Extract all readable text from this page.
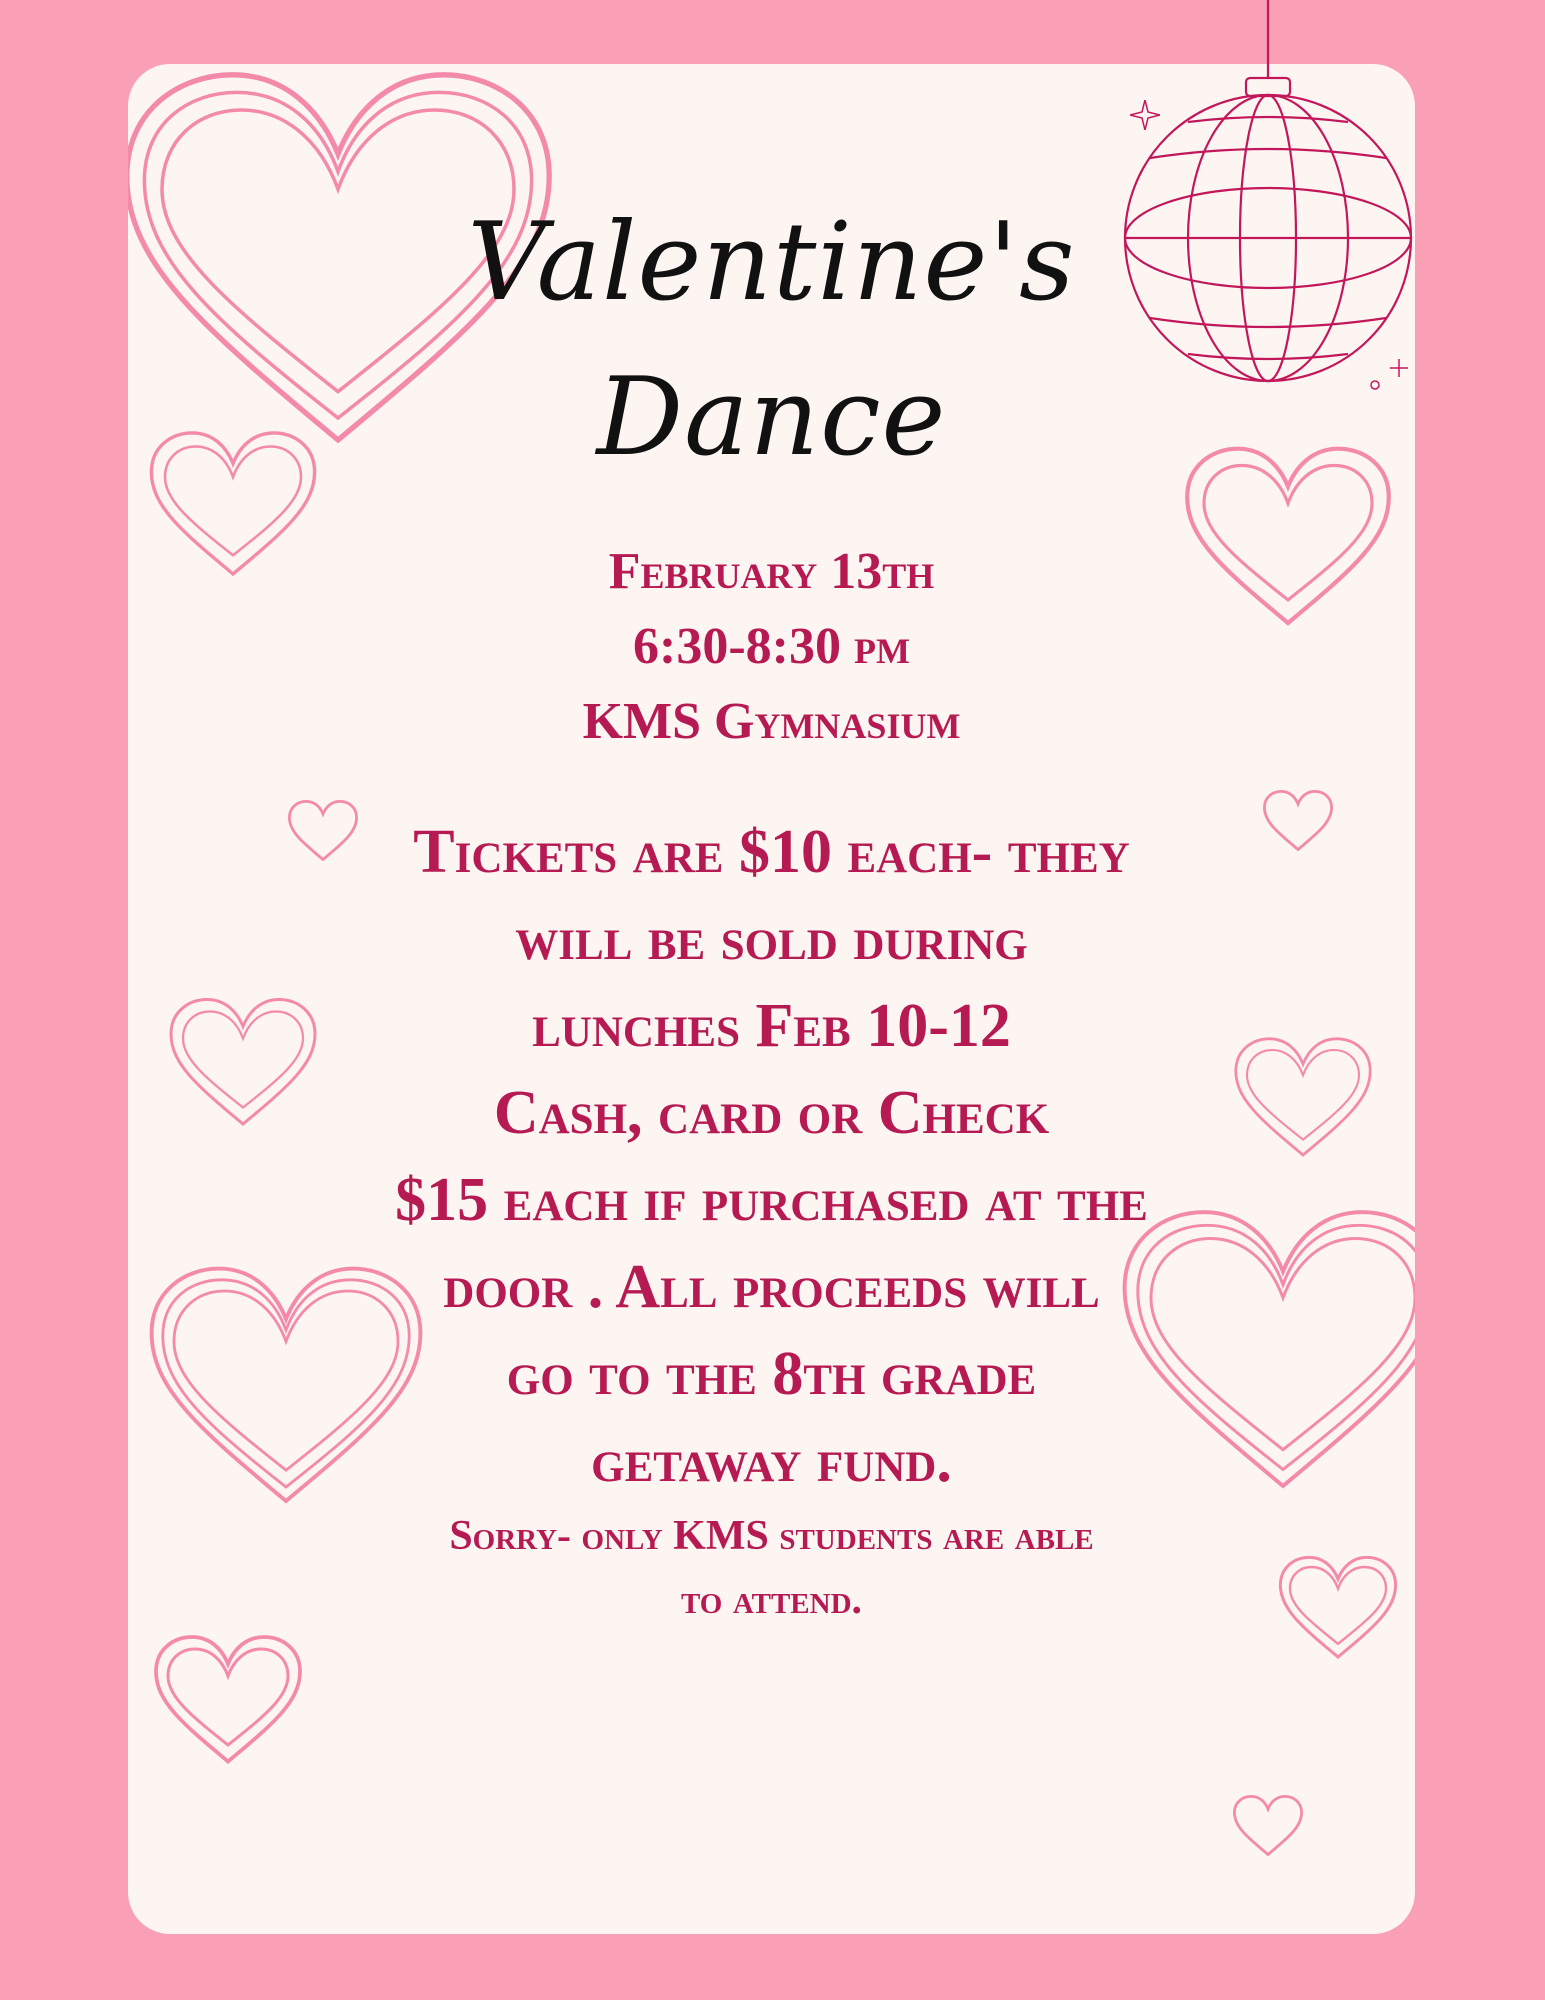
Valentine's
Dance
February 13th
6:30-8:30 pm
KMS Gymnasium
Tickets are $10 each- they
will be sold during
lunches Feb 10-12
Cash, card or Check
$15 each if purchased at the
door . All proceeds will
go to the 8th grade
getaway fund.
Sorry- only KMS students are able
to attend.
